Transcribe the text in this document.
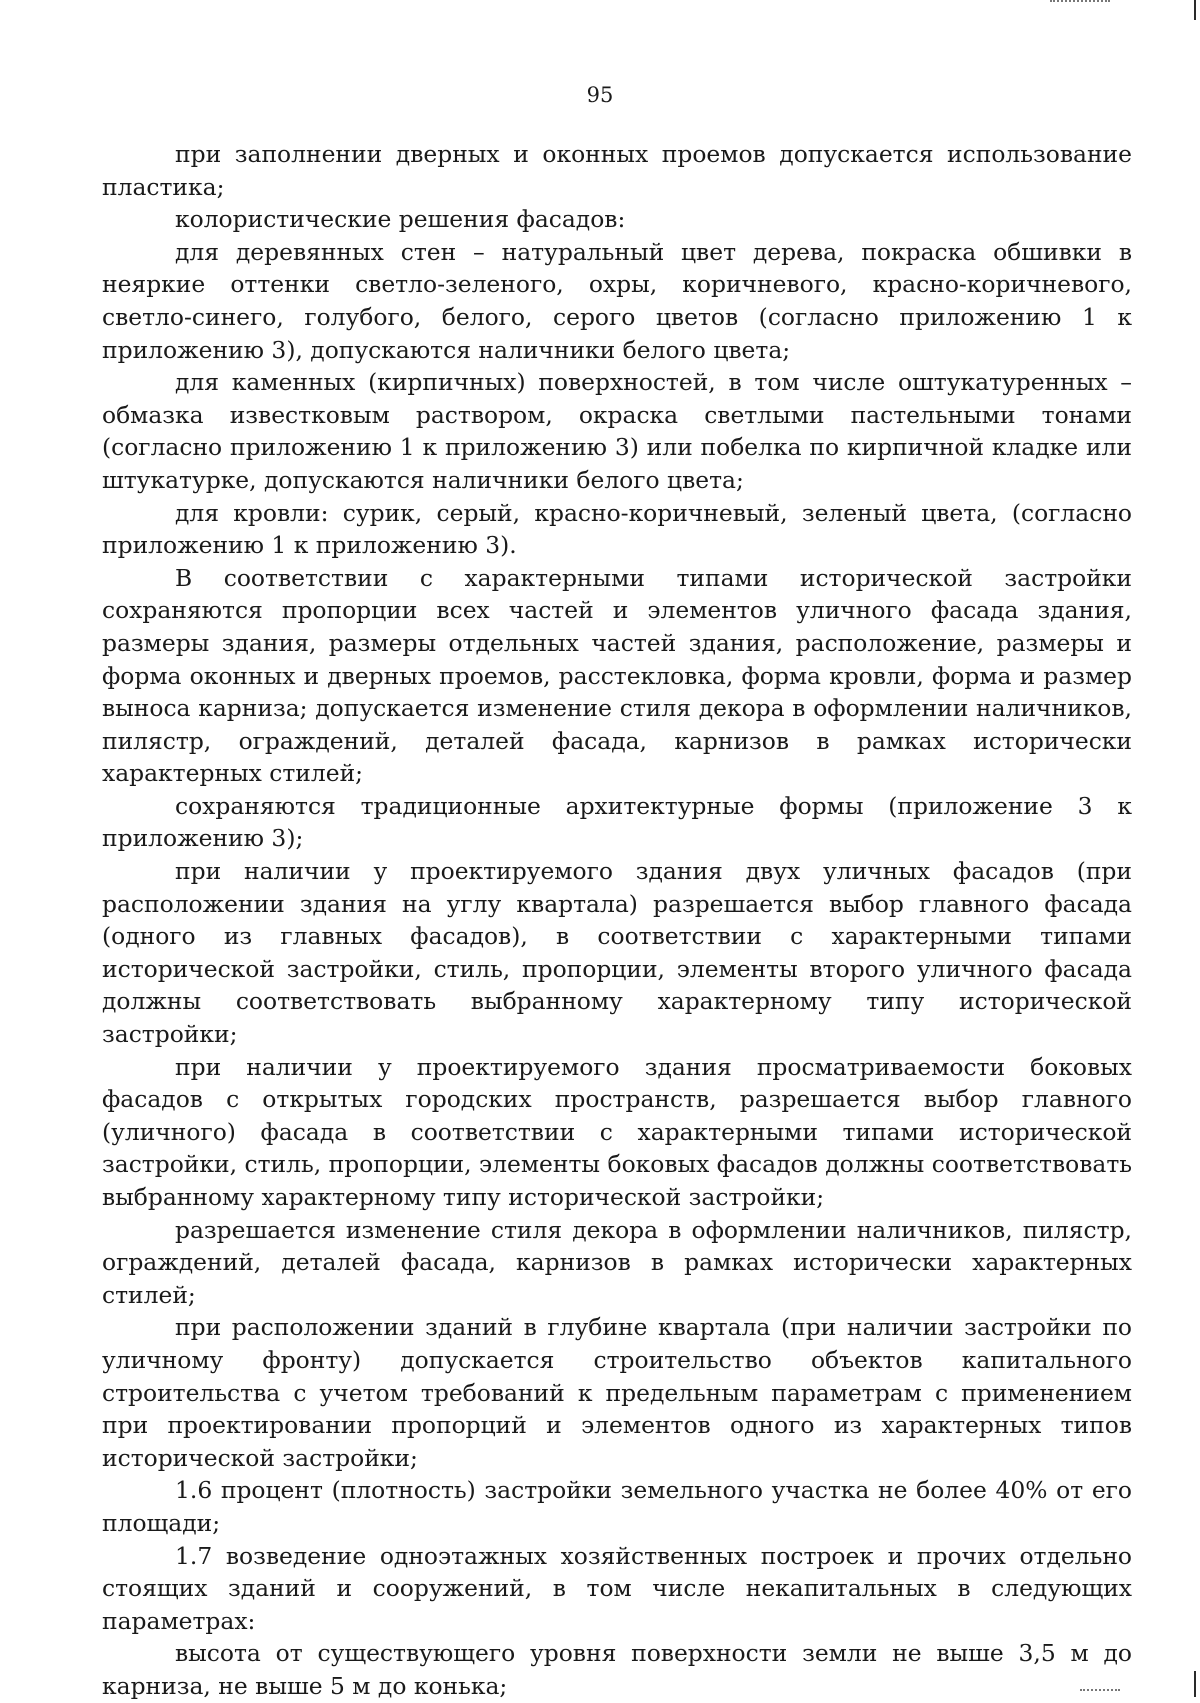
95

при заполнении дверных и оконных проемов допускается использование пластика;

колористические решения фасадов:

для деревянных стен – натуральный цвет дерева, покраска обшивки в неяркие оттенки светло-зеленого, охры, коричневого, красно-коричневого, светло-синего, голубого, белого, серого цветов (согласно приложению 1 к приложению 3), допускаются наличники белого цвета;

для каменных (кирпичных) поверхностей, в том числе оштукатуренных – обмазка известковым раствором, окраска светлыми пастельными тонами (согласно приложению 1 к приложению 3) или побелка по кирпичной кладке или штукатурке, допускаются наличники белого цвета;

для кровли: сурик, серый, красно-коричневый, зеленый цвета, (согласно приложению 1 к приложению 3).

В соответствии с характерными типами исторической застройки сохраняются пропорции всех частей и элементов уличного фасада здания, размеры здания, размеры отдельных частей здания, расположение, размеры и форма оконных и дверных проемов, расстекловка, форма кровли, форма и размер выноса карниза; допускается изменение стиля декора в оформлении наличников, пилястр, ограждений, деталей фасада, карнизов в рамках исторически характерных стилей;

сохраняются традиционные архитектурные формы (приложение 3 к приложению 3);

при наличии у проектируемого здания двух уличных фасадов (при расположении здания на углу квартала) разрешается выбор главного фасада (одного из главных фасадов), в соответствии с характерными типами исторической застройки, стиль, пропорции, элементы второго уличного фасада должны соответствовать выбранному характерному типу исторической застройки;

при наличии у проектируемого здания просматриваемости боковых фасадов с открытых городских пространств, разрешается выбор главного (уличного) фасада в соответствии с характерными типами исторической застройки, стиль, пропорции, элементы боковых фасадов должны соответствовать выбранному характерному типу исторической застройки;

разрешается изменение стиля декора в оформлении наличников, пилястр, ограждений, деталей фасада, карнизов в рамках исторически характерных стилей;

при расположении зданий в глубине квартала (при наличии застройки по уличному фронту) допускается строительство объектов капитального строительства с учетом требований к предельным параметрам с применением при проектировании пропорций и элементов одного из характерных типов исторической застройки;

1.6 процент (плотность) застройки земельного участка не более 40% от его площади;

1.7 возведение одноэтажных хозяйственных построек и прочих отдельно стоящих зданий и сооружений, в том числе некапитальных в следующих параметрах:

высота от существующего уровня поверхности земли не выше 3,5 м до карниза, не выше 5 м до конька;
